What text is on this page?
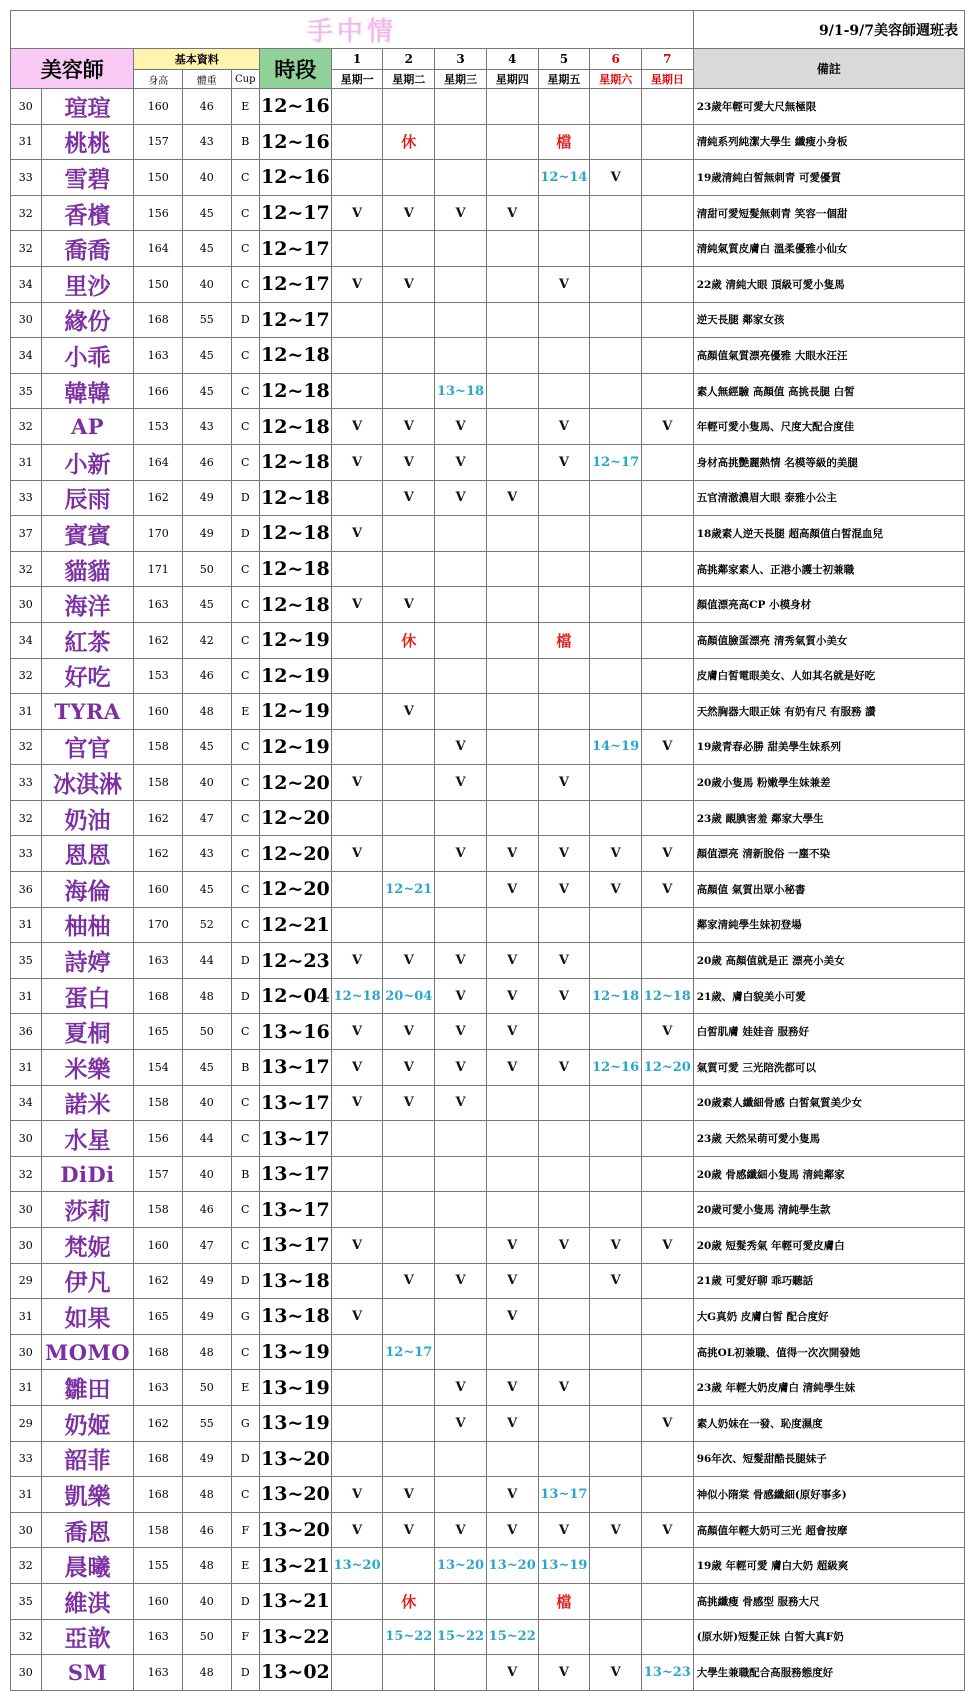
手中情													9/1-9/7美容師週班表
美容師		基本資料			時段	1	2	3	4	5	6	7	備註
		身高	體重	Cup		星期一	星期二	星期三	星期四	星期五	星期六	星期日	
30	瑄瑄	160	46	E	12~16								23歲年輕可愛大尺無極限
31	桃桃	157	43	B	12~16		休			檔			清純系列純潔大學生 纖瘦小身板
33	雪碧	150	40	C	12~16					12~14	V		19歲清純白皙無刺青 可愛優質
32	香檳	156	45	C	12~17	V	V	V	V				清甜可愛短髮無刺青 笑容一個甜
32	喬喬	164	45	C	12~17								清純氣質皮膚白 溫柔優雅小仙女
34	里沙	150	40	C	12~17	V	V			V			22歲 清純大眼 頂級可愛小隻馬
30	緣份	168	55	D	12~17								逆天長腿 鄰家女孩
34	小乖	163	45	C	12~18								高顏值氣質漂亮優雅 大眼水汪汪
35	韓韓	166	45	C	12~18			13~18					素人無經驗 高顏值 高挑長腿 白皙
32	AP	153	43	C	12~18	V	V	V		V		V	年輕可愛小隻馬、尺度大配合度佳
31	小新	164	46	C	12~18	V	V	V		V	12~17		身材高挑艷麗熱情 名模等級的美腿
33	辰雨	162	49	D	12~18		V	V	V				五官清澈濃眉大眼 泰雅小公主
37	賓賓	170	49	D	12~18	V							18歲素人逆天長腿 超高顏值白皙混血兒
32	貓貓	171	50	C	12~18								高挑鄰家素人、正港小護士初兼職
30	海洋	163	45	C	12~18	V	V						顏值漂亮高CP 小模身材
34	紅茶	162	42	C	12~19		休			檔			高顏值臉蛋漂亮 清秀氣質小美女
32	好吃	153	46	C	12~19								皮膚白皙電眼美女、人如其名就是好吃
31	TYRA	160	48	E	12~19		V						天然胸器大眼正妹 有奶有尺 有服務 讚
32	官官	158	45	C	12~19			V			14~19	V	19歲青春必勝 甜美學生妹系列
33	冰淇淋	158	40	C	12~20	V		V		V			20歲小隻馬 粉嫩學生妹兼差
32	奶油	162	47	C	12~20								23歲 靦腆害羞 鄰家大學生
33	恩恩	162	43	C	12~20	V		V	V	V	V	V	顏值漂亮 清新脫俗 一塵不染
36	海倫	160	45	C	12~20		12~21		V	V	V	V	高顏值 氣質出眾小秘書
31	柚柚	170	52	C	12~21								鄰家清純學生妹初登場
35	詩婷	163	44	D	12~23	V	V	V	V	V			20歲 高顏值就是正 漂亮小美女
31	蛋白	168	48	D	12~04	12~18	20~04	V	V	V	12~18	12~18	21歲、膚白貌美小可愛
36	夏桐	165	50	C	13~16	V	V	V	V			V	白皙肌膚 娃娃音 服務好
31	米樂	154	45	B	13~17	V	V	V	V	V	12~16	12~20	氣質可愛 三光陪洗都可以
34	諾米	158	40	C	13~17	V	V	V					20歲素人纖細骨感 白皙氣質美少女
30	水星	156	44	C	13~17								23歲 天然呆萌可愛小隻馬
32	DiDi	157	40	B	13~17								20歲 骨感纖細小隻馬 清純鄰家
30	莎莉	158	46	C	13~17								20歲可愛小隻馬 清純學生款
30	梵妮	160	47	C	13~17	V			V	V	V	V	20歲 短髮秀氣 年輕可愛皮膚白
29	伊凡	162	49	D	13~18		V	V	V		V		21歲 可愛好聊 乖巧聽話
31	如果	165	49	G	13~18	V			V				大G真奶 皮膚白皙 配合度好
30	MOMO	168	48	C	13~19		12~17						高挑OL初兼職、值得一次次開發她
31	雛田	163	50	E	13~19			V	V	V			23歲 年輕大奶皮膚白 清純學生妹
29	奶姬	162	55	G	13~19			V	V			V	素人奶妹在一發、恥度濕度
33	韶菲	168	49	D	13~20								96年次、短髮甜酷長腿妹子
31	凱樂	168	48	C	13~20	V	V		V	13~17			神似小隋棠 骨感纖細(原好事多)
30	喬恩	158	46	F	13~20	V	V	V	V	V	V	V	高顏值年輕大奶可三光 超會按摩
32	晨曦	155	48	E	13~21	13~20		13~20	13~20	13~19			19歲 年輕可愛 膚白大奶 超級爽
35	維淇	160	40	D	13~21		休			檔			高挑纖瘦 骨感型 服務大尺
32	亞歆	163	50	F	13~22		15~22	15~22	15~22				(原水妍)短髮正妹 白皙大真F奶
30	SM	163	48	D	13~02				V	V	V	13~23	大學生兼職配合高服務態度好
